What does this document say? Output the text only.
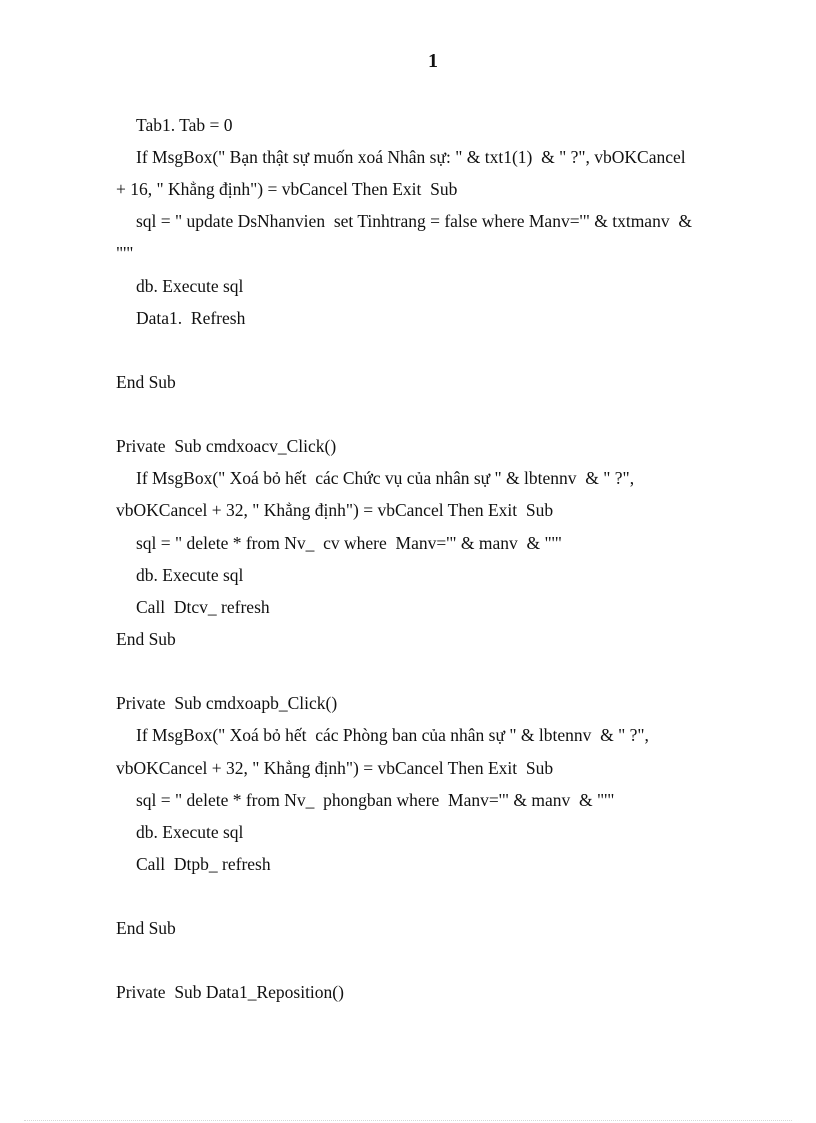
1
Tab1. Tab = 0
If MsgBox(" Bạn thật sự muốn xoá Nhân sự: " & txt1(1)  & " ?", vbOKCancel
+ 16, " Khẳng định") = vbCancel Then Exit  Sub
sql = " update DsNhanvien  set Tinhtrang = false where Manv='" & txtmanv  &
"'"
db. Execute sql
Data1.  Refresh
End Sub
Private  Sub cmdxoacv_Click()
If MsgBox(" Xoá bỏ hết  các Chức vụ của nhân sự " & lbtennv  & " ?",
vbOKCancel + 32, " Khẳng định") = vbCancel Then Exit  Sub
sql = " delete * from Nv_  cv where  Manv='" & manv  & "'"
db. Execute sql
Call  Dtcv_ refresh
End Sub
Private  Sub cmdxoapb_Click()
If MsgBox(" Xoá bỏ hết  các Phòng ban của nhân sự " & lbtennv  & " ?",
vbOKCancel + 32, " Khẳng định") = vbCancel Then Exit  Sub
sql = " delete * from Nv_  phongban where  Manv='" & manv  & "'"
db. Execute sql
Call  Dtpb_ refresh
End Sub
Private  Sub Data1_Reposition()
